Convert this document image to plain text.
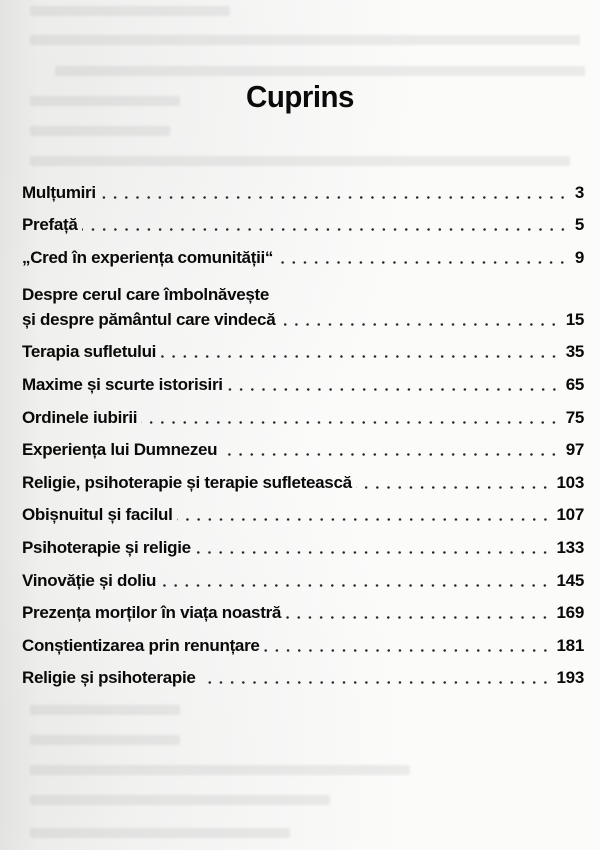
Cuprins
Mulțumiri	3
Prefață	5
„Cred în experiența comunității“	9
Despre cerul care îmbolnăvește
și despre pământul care vindecă	15
Terapia sufletului	35
Maxime și scurte istorisiri	65
Ordinele iubirii	75
Experiența lui Dumnezeu	97
Religie, psihoterapie și terapie sufletească	103
Obișnuitul și facilul	107
Psihoterapie și religie	133
Vinovăție și doliu	145
Prezența morților în viața noastră	169
Conștientizarea prin renunțare	181
Religie și psihoterapie	193
